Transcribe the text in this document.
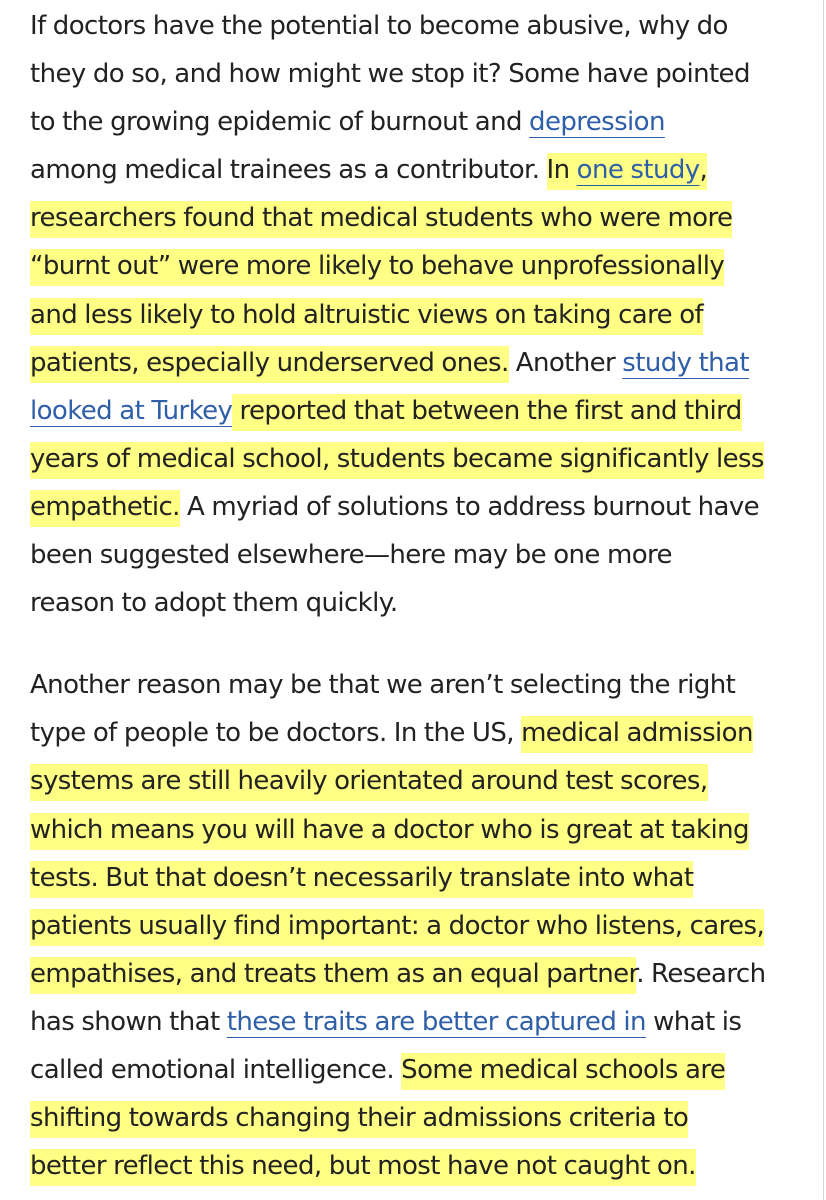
If doctors have the potential to become abusive, why do
they do so, and how might we stop it? Some have pointed
to the growing epidemic of burnout and depression
among medical trainees as a contributor. In one study,
researchers found that medical students who were more
“burnt out” were more likely to behave unprofessionally
and less likely to hold altruistic views on taking care of
patients, especially underserved ones. Another study that
looked at Turkey reported that between the first and third
years of medical school, students became significantly less
empathetic. A myriad of solutions to address burnout have
been suggested elsewhere—here may be one more
reason to adopt them quickly.

Another reason may be that we aren’t selecting the right
type of people to be doctors. In the US, medical admission
systems are still heavily orientated around test scores,
which means you will have a doctor who is great at taking
tests. But that doesn’t necessarily translate into what
patients usually find important: a doctor who listens, cares,
empathises, and treats them as an equal partner. Research
has shown that these traits are better captured in what is
called emotional intelligence. Some medical schools are
shifting towards changing their admissions criteria to
better reflect this need, but most have not caught on.
